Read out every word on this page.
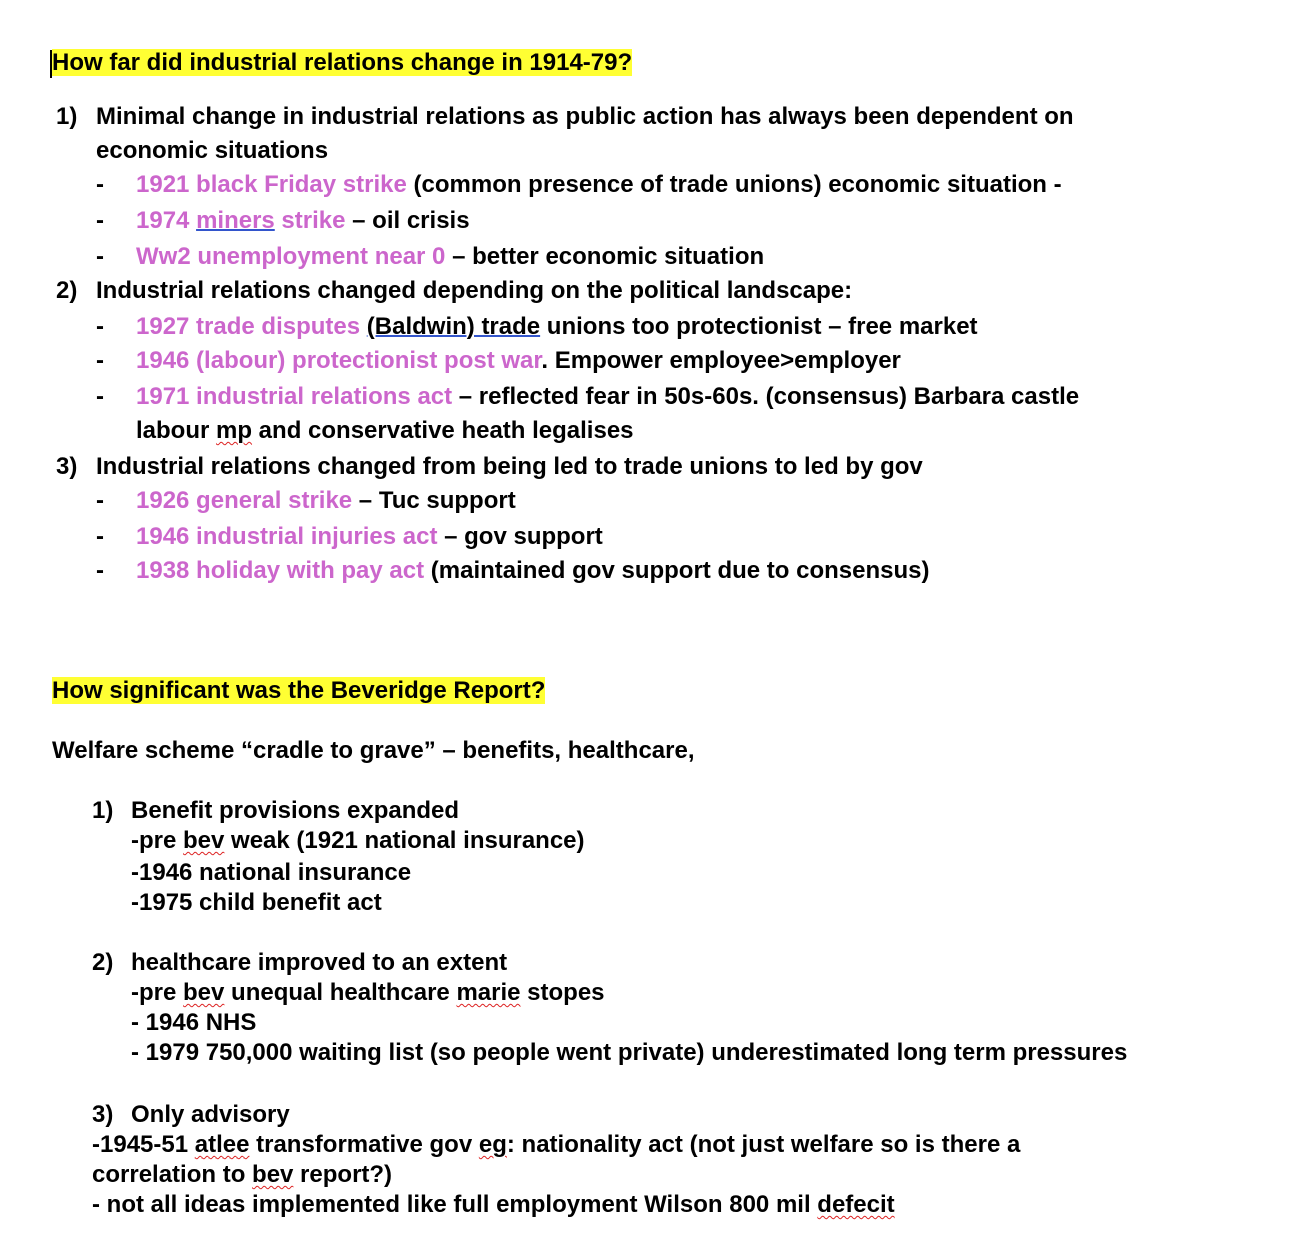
How far did industrial relations change in 1914-79?
1) Minimal change in industrial relations as public action has always been dependent on
economic situations
- 1921 black Friday strike (common presence of trade unions) economic situation -
- 1974 miners strike – oil crisis
- Ww2 unemployment near 0 – better economic situation
2) Industrial relations changed depending on the political landscape:
- 1927 trade disputes (Baldwin) trade unions too protectionist – free market
- 1946 (labour) protectionist post war. Empower employee>employer
- 1971 industrial relations act – reflected fear in 50s-60s. (consensus) Barbara castle
labour mp and conservative heath legalises
3) Industrial relations changed from being led to trade unions to led by gov
- 1926 general strike – Tuc support
- 1946 industrial injuries act – gov support
- 1938 holiday with pay act (maintained gov support due to consensus)
How significant was the Beveridge Report?
Welfare scheme “cradle to grave” – benefits, healthcare,
1) Benefit provisions expanded
-pre bev weak (1921 national insurance)
-1946 national insurance
-1975 child benefit act
2) healthcare improved to an extent
-pre bev unequal healthcare marie stopes
- 1946 NHS
- 1979 750,000 waiting list (so people went private) underestimated long term pressures
3) Only advisory
-1945-51 atlee transformative gov eg: nationality act (not just welfare so is there a
correlation to bev report?)
- not all ideas implemented like full employment Wilson 800 mil defecit
